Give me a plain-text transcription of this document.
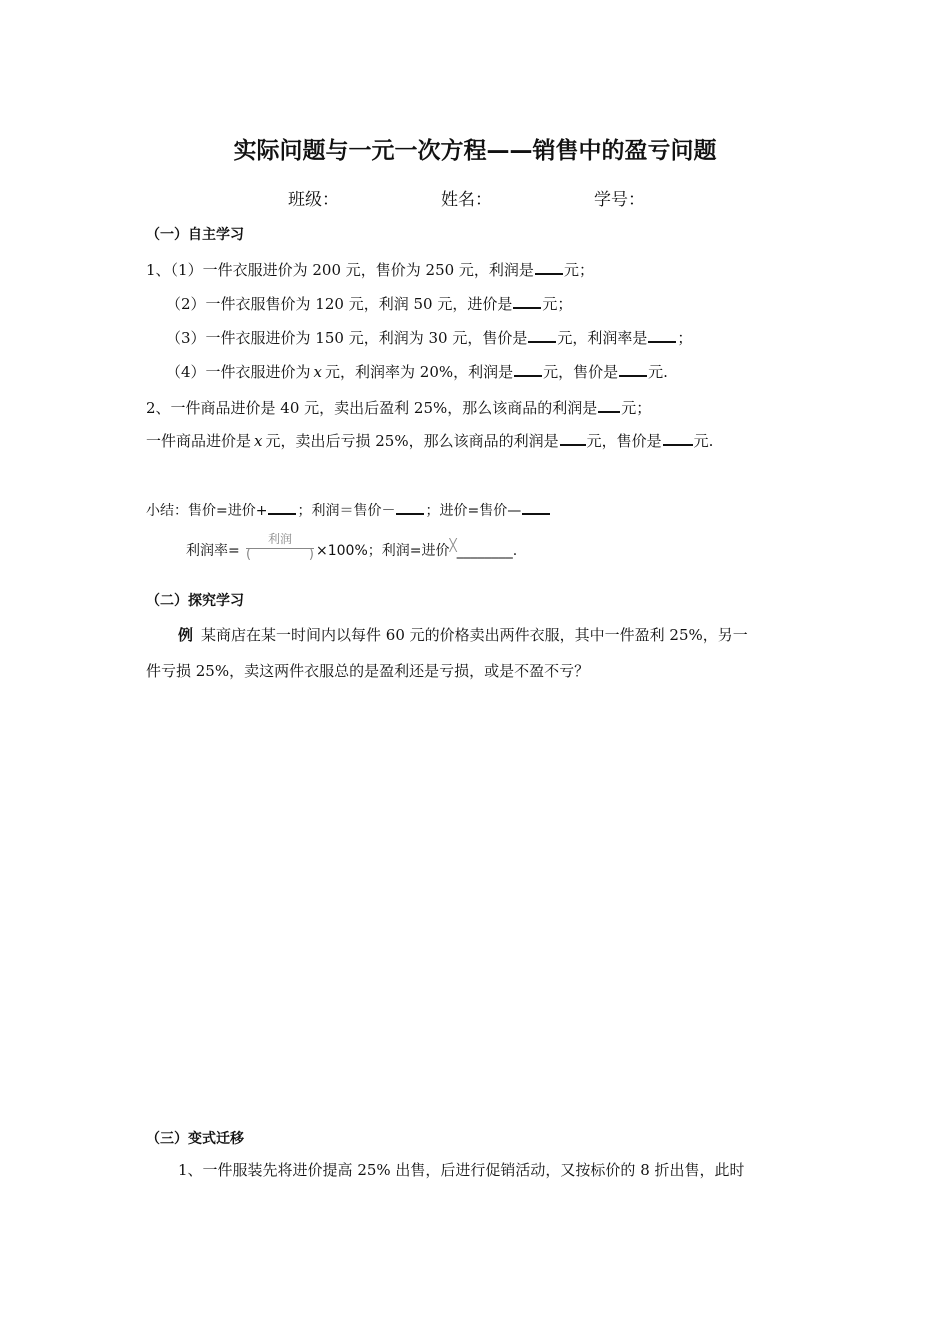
实际问题与一元一次方程——销售中的盈亏问题
班级：	姓名：	学号：
（一）自主学习
1、（1）一件衣服进价为 200 元，售价为 250 元，利润是 元；
（2）一件衣服售价为 120 元，利润 50 元，进价是 元；
（3）一件衣服进价为 150 元，利润为 30 元，售价是 元，利润率是 ；
（4）一件衣服进价为 x 元，利润率为 20%，利润是 元，售价是 元.
2、一件商品进价是 40 元，卖出后盈利 25%，那么该商品的利润是 元；
一件商品进价是 x 元，卖出后亏损 25%，那么该商品的利润是 元，售价是 元.
小结：售价=进价+ ；利润＝售价－ ；进价=售价—
利润率=
利润
(	) ×100%；利润=进价╳________.
（二）探究学习
例 某商店在某一时间内以每件 60 元的价格卖出两件衣服，其中一件盈利 25%，另一
件亏损 25%，卖这两件衣服总的是盈利还是亏损，或是不盈不亏？
（三）变式迁移
1、一件服装先将进价提高 25% 出售，后进行促销活动，又按标价的 8 折出售，此时
